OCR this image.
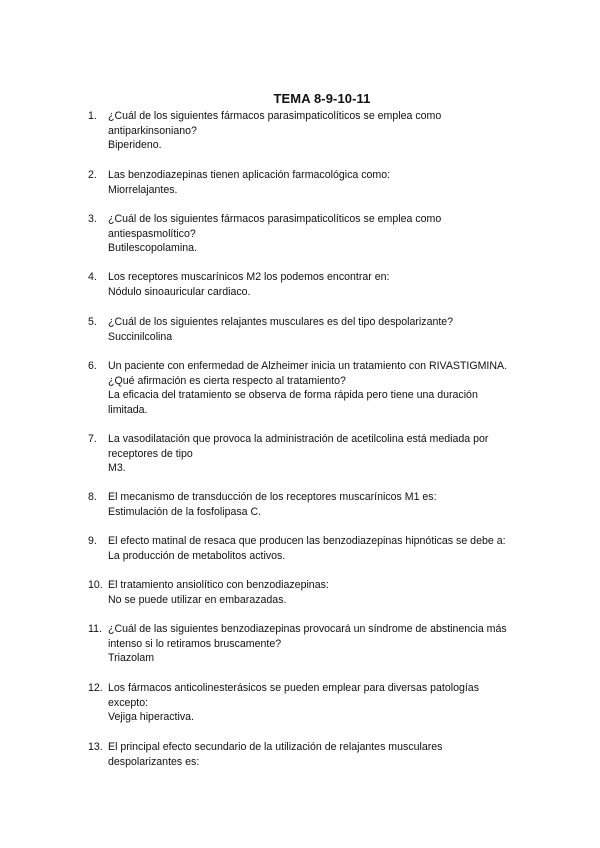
TEMA 8-9-10-11
1.	¿Cuál de los siguientes fármacos parasimpaticolíticos se emplea como
antiparkinsoniano?
Biperideno.
2.	Las benzodiazepinas tienen aplicación farmacológica como:
Miorrelajantes.
3.	¿Cuál de los siguientes fármacos parasimpaticolíticos se emplea como
antiespasmolítico?
Butilescopolamina.
4.	Los receptores muscarínicos M2 los podemos encontrar en:
Nódulo sinoauricular cardiaco.
5.	¿Cuál de los siguientes relajantes musculares es del tipo despolarizante?
Succinilcolina
6.	Un paciente con enfermedad de Alzheimer inicia un tratamiento con RIVASTIGMINA.
¿Qué afirmación es cierta respecto al tratamiento?
La eficacia del tratamiento se observa de forma rápida pero tiene una duración
limitada.
7.	La vasodilatación que provoca la administración de acetilcolina está mediada por
receptores de tipo
M3.
8.	El mecanismo de transducción de los receptores muscarínicos M1 es:
Estimulación de la fosfolipasa C.
9.	El efecto matinal de resaca que producen las benzodiazepinas hipnóticas se debe a:
La producción de metabolitos activos.
10. El tratamiento ansiolítico con benzodiazepinas:
No se puede utilizar en embarazadas.
11. ¿Cuál de las siguientes benzodiazepinas provocará un síndrome de abstinencia más
intenso si lo retiramos bruscamente?
Triazolam
12. Los fármacos anticolinesterásicos se pueden emplear para diversas patologías
excepto:
Vejiga hiperactiva.
13. El principal efecto secundario de la utilización de relajantes musculares
despolarizantes es:
